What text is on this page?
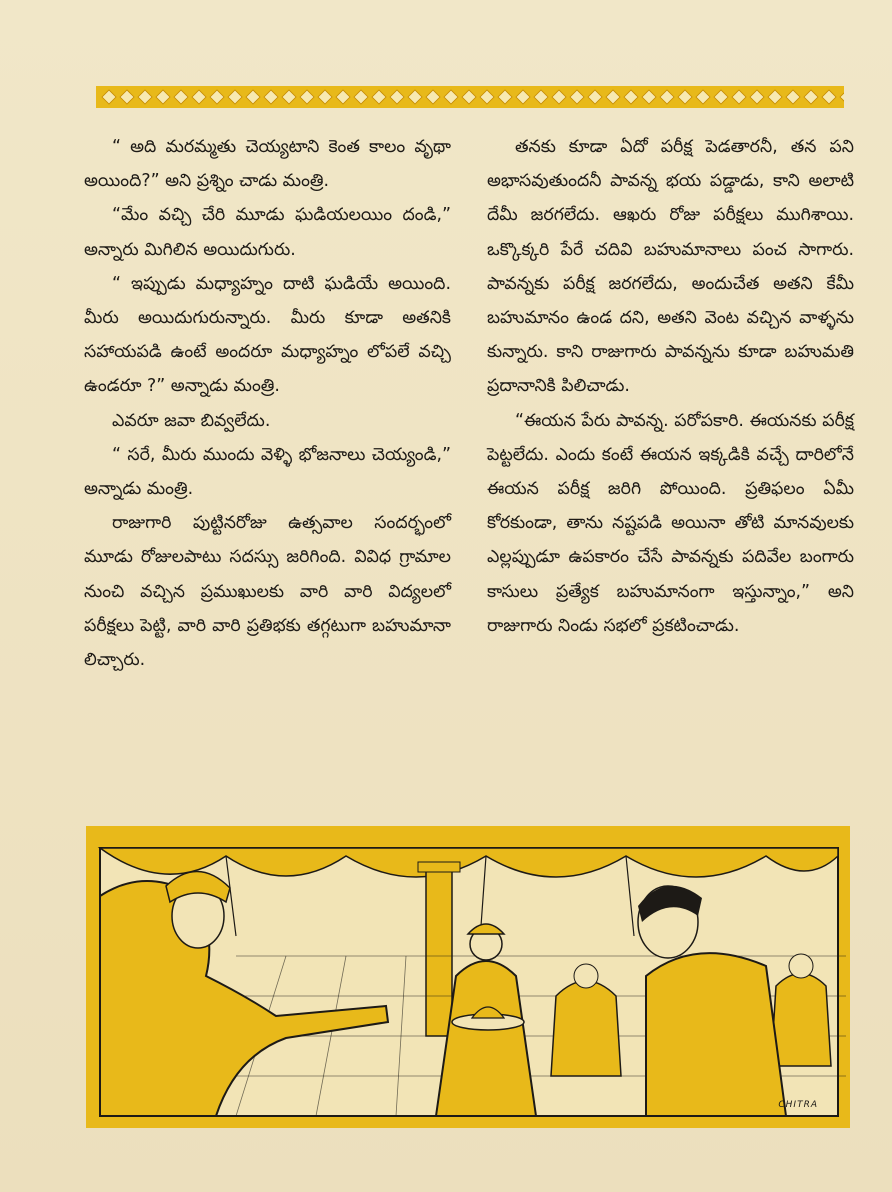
“ అది మరమ్మతు చెయ్యటాని కెంత కాలం వృథా అయింది?” అని ప్రశ్నిం చాడు మంత్రి.

“మేం వచ్చి చేరి మూడు ఘడియలయిం దండి,” అన్నారు మిగిలిన అయిదుగురు.

“ ఇప్పుడు మధ్యాహ్నం దాటి ఘడియే అయింది. మీరు అయిదుగురున్నారు. మీరు కూడా అతనికి సహాయపడి ఉంటే అందరూ మధ్యాహ్నం లోపలే వచ్చి ఉండరూ ?” అన్నాడు మంత్రి.

ఎవరూ జవా బివ్వలేదు.

“ సరే, మీరు ముందు వెళ్ళి భోజనాలు చెయ్యండి,” అన్నాడు మంత్రి.

రాజుగారి పుట్టినరోజు ఉత్సవాల సందర్భంలో మూడు రోజులపాటు సదస్సు జరిగింది. వివిధ గ్రామాల నుంచి వచ్చిన ప్రముఖులకు వారి వారి విద్యలలో పరీక్షలు పెట్టి, వారి వారి ప్రతిభకు తగ్గటుగా బహుమానా లిచ్చారు.

తనకు కూడా ఏదో పరీక్ష పెడతారనీ, తన పని అభాసవుతుందనీ పావన్న భయ పడ్డాడు, కాని అలాటి దేమీ జరగలేదు. ఆఖరు రోజు పరీక్షలు ముగిశాయి. ఒక్కొక్కరి పేరే చదివి బహుమానాలు పంచ సాగారు. పావన్నకు పరీక్ష జరగలేదు, అందుచేత అతని కేమీ బహుమానం ఉండ దని, అతని వెంట వచ్చిన వాళ్ళను కున్నారు. కాని రాజుగారు పావన్నను కూడా బహుమతి ప్రదానానికి పిలిచాడు.

“ఈయన పేరు పావన్న. పరోపకారి. ఈయనకు పరీక్ష పెట్టలేదు. ఎందు కంటే ఈయన ఇక్కడికి వచ్చే దారిలోనే ఈయన పరీక్ష జరిగి పోయింది. ప్రతిఫలం ఏమీ కోరకుండా, తాను నష్టపడి అయినా తోటి మానవులకు ఎల్లప్పుడూ ఉపకారం చేసే పావన్నకు పదివేల బంగారు కాసులు ప్రత్యేక బహుమానంగా ఇస్తున్నాం,” అని రాజుగారు నిండు సభలో ప్రకటించాడు.

CHITRA
